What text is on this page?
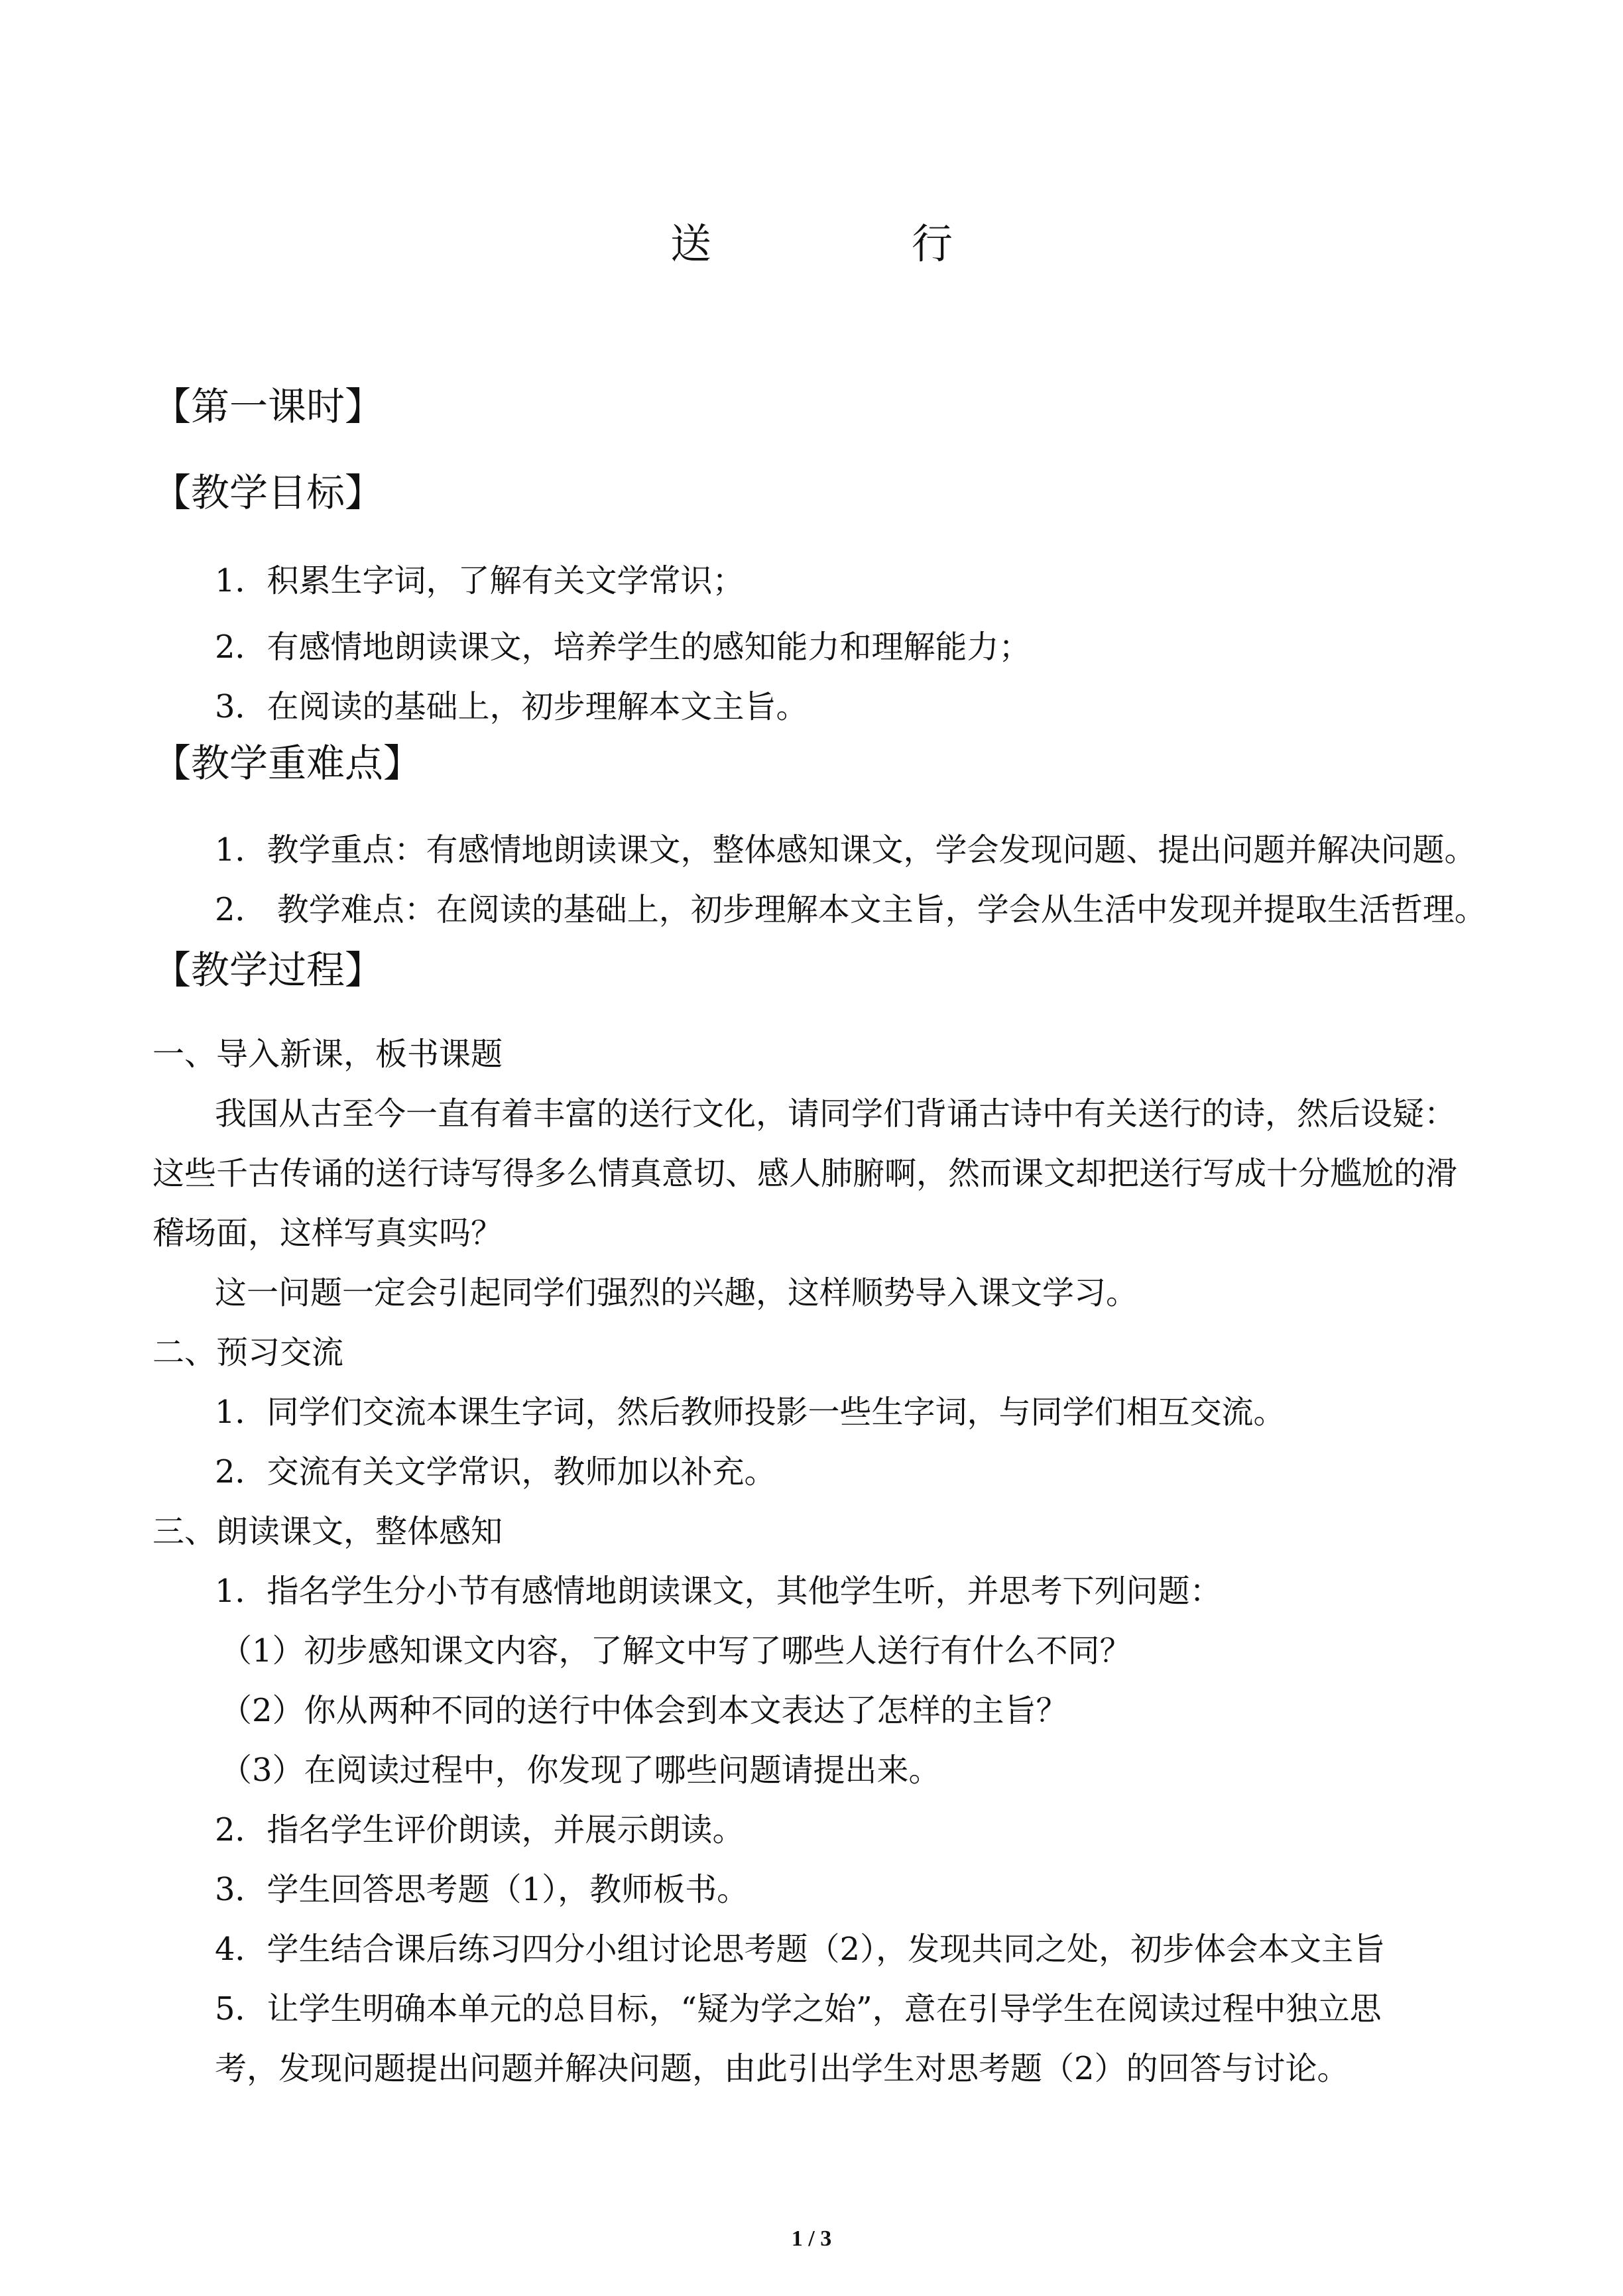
送　行
【第一课时】
【教学目标】
1．积累生字词，了解有关文学常识；
2．有感情地朗读课文，培养学生的感知能力和理解能力；
3．在阅读的基础上，初步理解本文主旨。
【教学重难点】
1．教学重点：有感情地朗读课文，整体感知课文，学会发现问题、提出问题并解决问题。
2． 教学难点：在阅读的基础上，初步理解本文主旨，学会从生活中发现并提取生活哲理。
【教学过程】
一、导入新课，板书课题
我国从古至今一直有着丰富的送行文化，请同学们背诵古诗中有关送行的诗，然后设疑：
这些千古传诵的送行诗写得多么情真意切、感人肺腑啊，然而课文却把送行写成十分尴尬的滑
稽场面，这样写真实吗？
这一问题一定会引起同学们强烈的兴趣，这样顺势导入课文学习。
二、预习交流
1．同学们交流本课生字词，然后教师投影一些生字词，与同学们相互交流。
2．交流有关文学常识，教师加以补充。
三、朗读课文，整体感知
1．指名学生分小节有感情地朗读课文，其他学生听，并思考下列问题：
（1）初步感知课文内容，了解文中写了哪些人送行有什么不同？
（2）你从两种不同的送行中体会到本文表达了怎样的主旨？
（3）在阅读过程中，你发现了哪些问题请提出来。
2．指名学生评价朗读，并展示朗读。
3．学生回答思考题（1），教师板书。
4．学生结合课后练习四分小组讨论思考题（2），发现共同之处，初步体会本文主旨
5．让学生明确本单元的总目标，“疑为学之始”，意在引导学生在阅读过程中独立思
考，发现问题提出问题并解决问题，由此引出学生对思考题（2）的回答与讨论。
1 / 3
